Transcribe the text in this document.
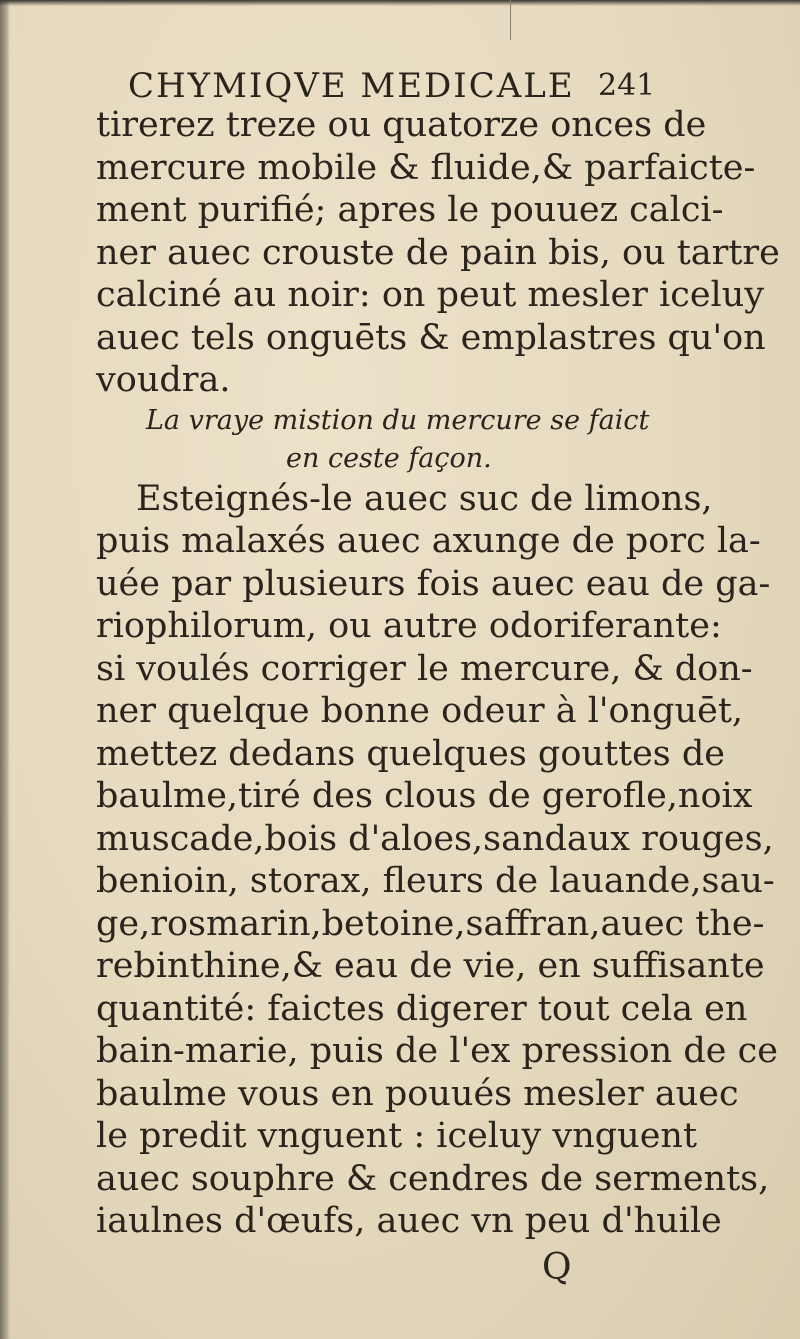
CHYMIQVE MEDICALE 241
tirerez treze ou quatorze onces de
mercure mobile & fluide,& parfaicte-
ment purifié; apres le pouuez calci-
ner auec crouste de pain bis, ou tartre
calciné au noir: on peut mesler iceluy
auec tels onguēts & emplastres qu'on
voudra.
La vraye mistion du mercure se faict
en ceste façon.
Esteignés-le auec suc de limons,
puis malaxés auec axunge de porc la-
uée par plusieurs fois auec eau de ga-
riophilorum, ou autre odoriferante:
si voulés corriger le mercure, & don-
ner quelque bonne odeur à l'onguēt,
mettez dedans quelques gouttes de
baulme,tiré des clous de gerofle,noix
muscade,bois d'aloes,sandaux rouges,
benioin, storax, fleurs de lauande,sau-
ge,rosmarin,betoine,saffran,auec the-
rebinthine,& eau de vie, en suffisante
quantité: faictes digerer tout cela en
bain-marie, puis de l'ex pression de ce
baulme vous en pouués mesler auec
le predit vnguent : iceluy vnguent
auec souphre & cendres de serments,
iaulnes d'œufs, auec vn peu d'huile
Q
